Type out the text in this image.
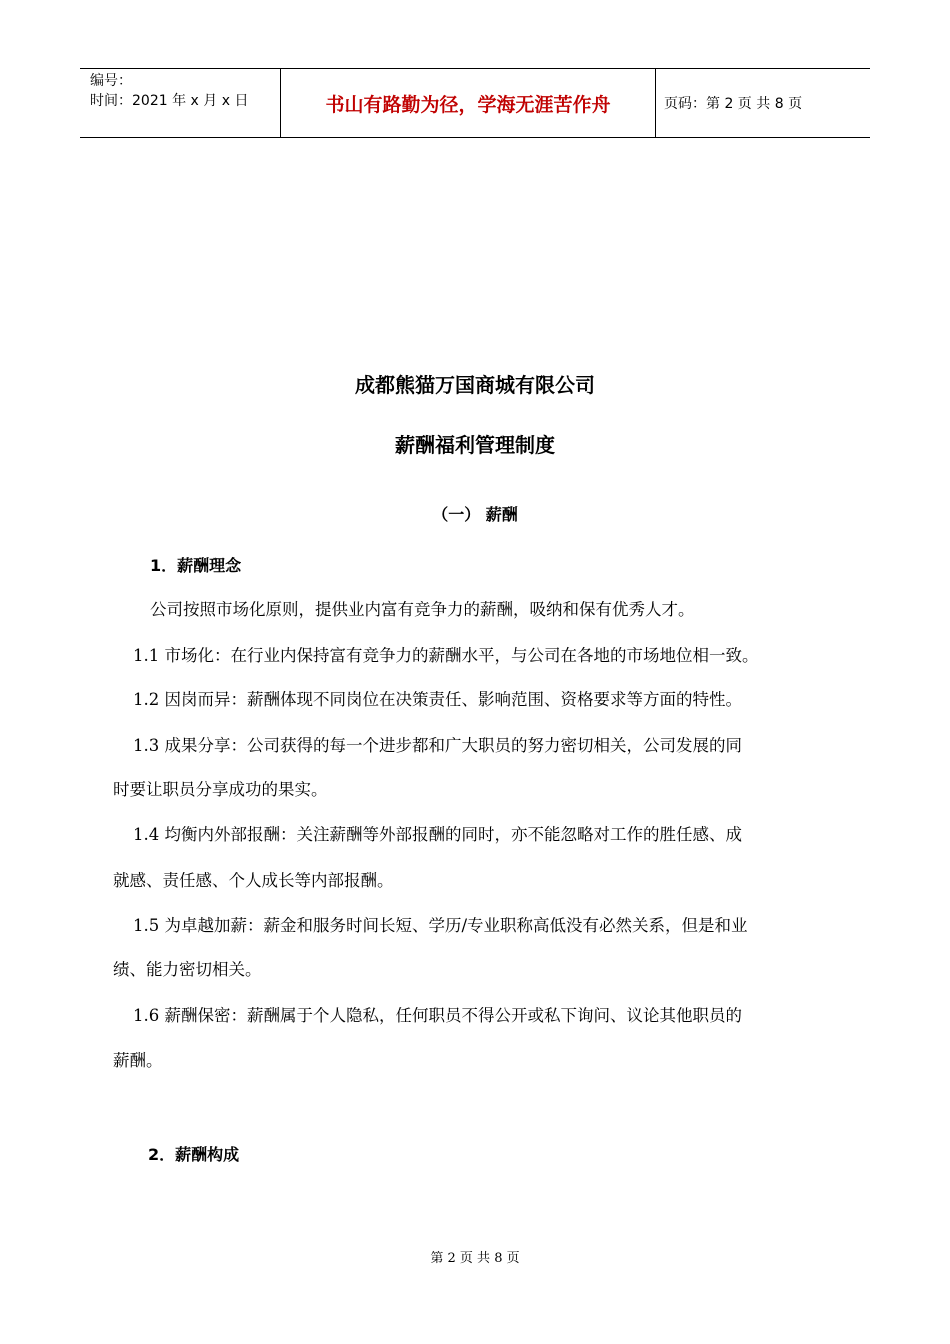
编号：
时间：2021 年 x 月 x 日	书山有路勤为径，学海无涯苦作舟	页码：第 2 页 共 8 页
成都熊猫万国商城有限公司
薪酬福利管理制度
（一） 薪酬
1．薪酬理念
公司按照市场化原则，提供业内富有竞争力的薪酬，吸纳和保有优秀人才。
1.1 市场化：在行业内保持富有竞争力的薪酬水平，与公司在各地的市场地位相一致。
1.2 因岗而异：薪酬体现不同岗位在决策责任、影响范围、资格要求等方面的特性。
1.3 成果分享：公司获得的每一个进步都和广大职员的努力密切相关，公司发展的同
时要让职员分享成功的果实。
1.4 均衡内外部报酬：关注薪酬等外部报酬的同时，亦不能忽略对工作的胜任感、成
就感、责任感、个人成长等内部报酬。
1.5 为卓越加薪：薪金和服务时间长短、学历/专业职称高低没有必然关系，但是和业
绩、能力密切相关。
1.6 薪酬保密：薪酬属于个人隐私，任何职员不得公开或私下询问、议论其他职员的
薪酬。
2．薪酬构成
第 2 页 共 8 页
